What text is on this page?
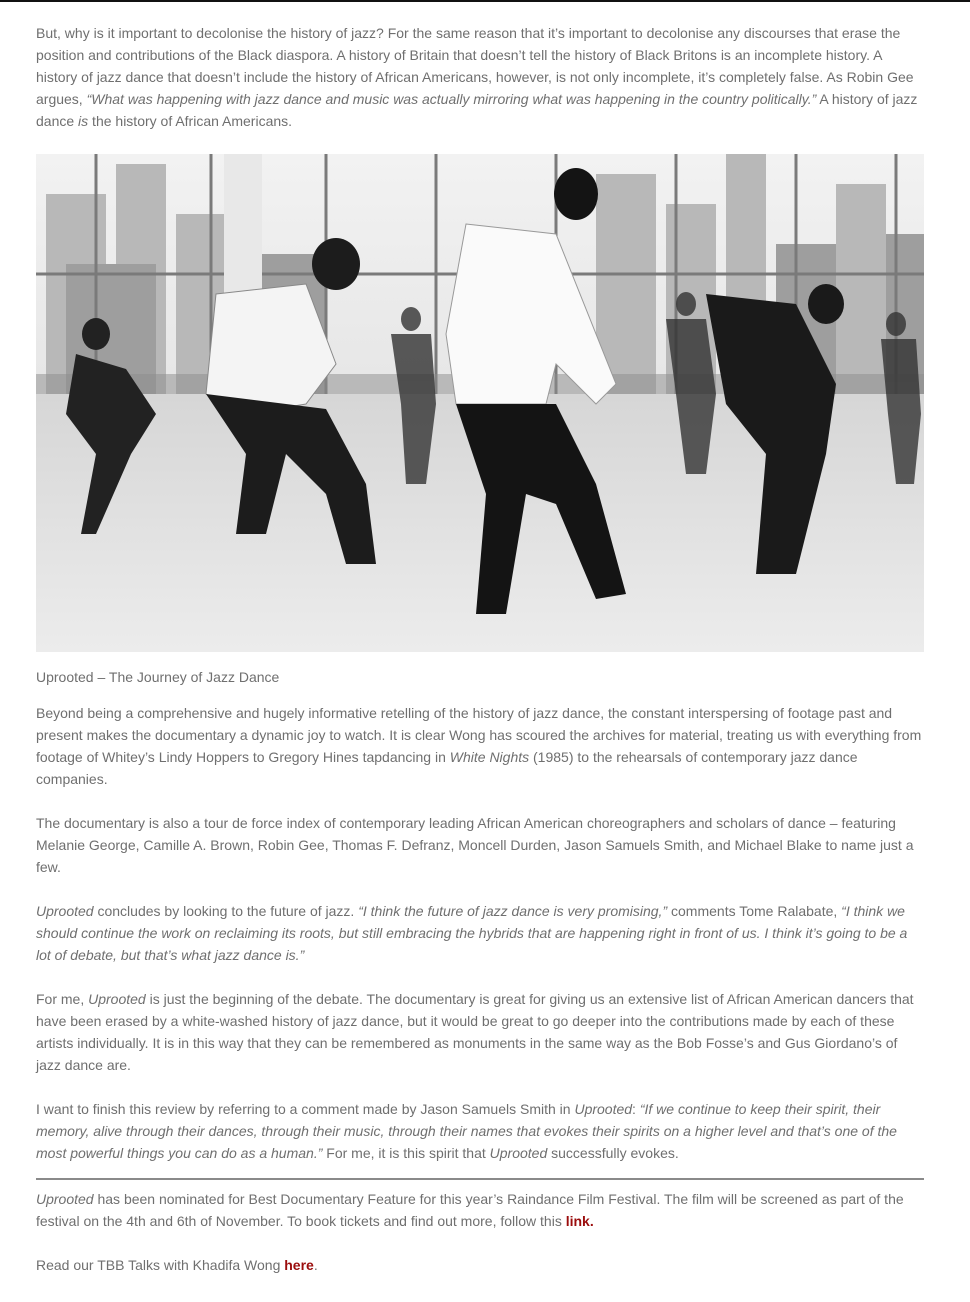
But, why is it important to decolonise the history of jazz? For the same reason that it’s important to decolonise any discourses that erase the position and contributions of the Black diaspora. A history of Britain that doesn’t tell the history of Black Britons is an incomplete history. A history of jazz dance that doesn’t include the history of African Americans, however, is not only incomplete, it’s completely false. As Robin Gee argues, “What was happening with jazz dance and music was actually mirroring what was happening in the country politically.” A history of jazz dance is the history of African Americans.

Uprooted – The Journey of Jazz Dance

Beyond being a comprehensive and hugely informative retelling of the history of jazz dance, the constant interspersing of footage past and present makes the documentary a dynamic joy to watch. It is clear Wong has scoured the archives for material, treating us with everything from footage of Whitey’s Lindy Hoppers to Gregory Hines tapdancing in White Nights (1985) to the rehearsals of contemporary jazz dance companies.

The documentary is also a tour de force index of contemporary leading African American choreographers and scholars of dance – featuring Melanie George, Camille A. Brown, Robin Gee, Thomas F. Defranz, Moncell Durden, Jason Samuels Smith, and Michael Blake to name just a few.

Uprooted concludes by looking to the future of jazz. “I think the future of jazz dance is very promising,” comments Tome Ralabate, “I think we should continue the work on reclaiming its roots, but still embracing the hybrids that are happening right in front of us. I think it’s going to be a lot of debate, but that’s what jazz dance is.”

For me, Uprooted is just the beginning of the debate. The documentary is great for giving us an extensive list of African American dancers that have been erased by a white-washed history of jazz dance, but it would be great to go deeper into the contributions made by each of these artists individually. It is in this way that they can be remembered as monuments in the same way as the Bob Fosse’s and Gus Giordano’s of jazz dance are.

I want to finish this review by referring to a comment made by Jason Samuels Smith in Uprooted: “If we continue to keep their spirit, their memory, alive through their dances, through their music, through their names that evokes their spirits on a higher level and that’s one of the most powerful things you can do as a human.” For me, it is this spirit that Uprooted successfully evokes.

Uprooted has been nominated for Best Documentary Feature for this year’s Raindance Film Festival. The film will be screened as part of the festival on the 4th and 6th of November. To book tickets and find out more, follow this link.

Read our TBB Talks with Khadifa Wong here.
